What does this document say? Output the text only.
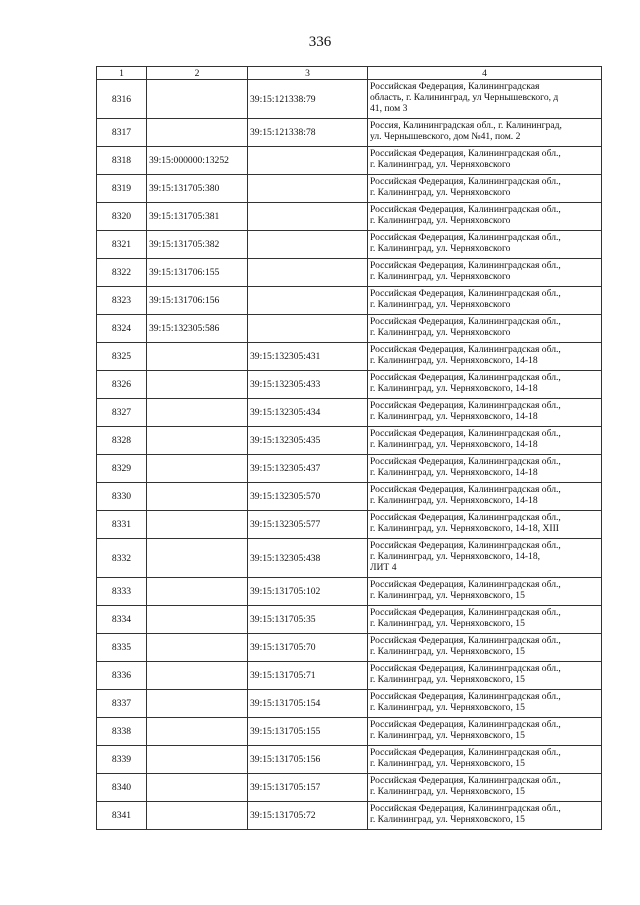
336
1	2	3	4
8316		39:15:121338:79	Российская Федерация, Калининградская
область, г. Калининград, ул Чернышевского, д
41, пом 3

8317		39:15:121338:78	Россия, Калининградская обл., г. Калининград,
ул. Чернышевского, дом №41, пом. 2

8318	39:15:000000:13252		Российская Федерация, Калининградская обл.,
г. Калининград, ул. Черняховского

8319	39:15:131705:380		Российская Федерация, Калининградская обл.,
г. Калининград, ул. Черняховского

8320	39:15:131705:381		Российская Федерация, Калининградская обл.,
г. Калининград, ул. Черняховского

8321	39:15:131705:382		Российская Федерация, Калининградская обл.,
г. Калининград, ул. Черняховского

8322	39:15:131706:155		Российская Федерация, Калининградская обл.,
г. Калининград, ул. Черняховского

8323	39:15:131706:156		Российская Федерация, Калининградская обл.,
г. Калининград, ул. Черняховского

8324	39:15:132305:586		Российская Федерация, Калининградская обл.,
г. Калининград, ул. Черняховского

8325		39:15:132305:431	Российская Федерация, Калининградская обл.,
г. Калининград, ул. Черняховского, 14-18

8326		39:15:132305:433	Российская Федерация, Калининградская обл.,
г. Калининград, ул. Черняховского, 14-18

8327		39:15:132305:434	Российская Федерация, Калининградская обл.,
г. Калининград, ул. Черняховского, 14-18

8328		39:15:132305:435	Российская Федерация, Калининградская обл.,
г. Калининград, ул. Черняховского, 14-18

8329		39:15:132305:437	Российская Федерация, Калининградская обл.,
г. Калининград, ул. Черняховского, 14-18

8330		39:15:132305:570	Российская Федерация, Калининградская обл.,
г. Калининград, ул. Черняховского, 14-18

8331		39:15:132305:577	Российская Федерация, Калининградская обл.,
г. Калининград, ул. Черняховского, 14-18, XIII

8332		39:15:132305:438	Российская Федерация, Калининградская обл.,
г. Калининград, ул. Черняховского, 14-18,
ЛИТ 4

8333		39:15:131705:102	Российская Федерация, Калининградская обл.,
г. Калининград, ул. Черняховского, 15

8334		39:15:131705:35	Российская Федерация, Калининградская обл.,
г. Калининград, ул. Черняховского, 15

8335		39:15:131705:70	Российская Федерация, Калининградская обл.,
г. Калининград, ул. Черняховского, 15

8336		39:15:131705:71	Российская Федерация, Калининградская обл.,
г. Калининград, ул. Черняховского, 15

8337		39:15:131705:154	Российская Федерация, Калининградская обл.,
г. Калининград, ул. Черняховского, 15

8338		39:15:131705:155	Российская Федерация, Калининградская обл.,
г. Калининград, ул. Черняховского, 15

8339		39:15:131705:156	Российская Федерация, Калининградская обл.,
г. Калининград, ул. Черняховского, 15

8340		39:15:131705:157	Российская Федерация, Калининградская обл.,
г. Калининград, ул. Черняховского, 15

8341		39:15:131705:72	Российская Федерация, Калининградская обл.,
г. Калининград, ул. Черняховского, 15
